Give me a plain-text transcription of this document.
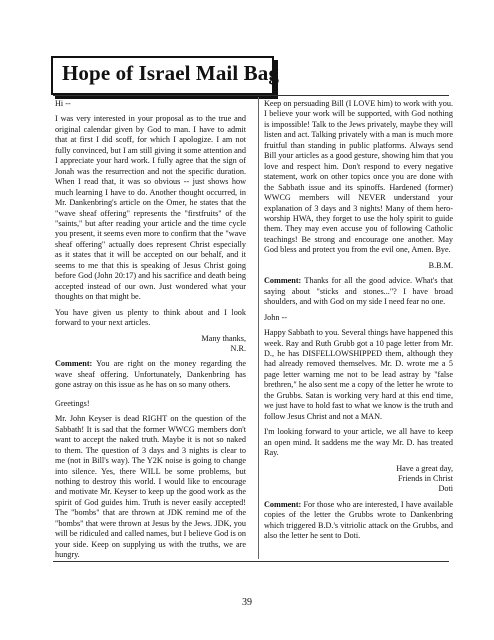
Hope of Israel Mail Bag

Hi --

I was very interested in your proposal as to the true and original calendar given by God to man. I have to admit that at first I did scoff, for which I apologize. I am not fully convinced, but I am still giving it some attention and I appreciate your hard work. I fully agree that the sign of Jonah was the resurrection and not the specific duration. When I read that, it was so obvious -- just shows how much learning I have to do. Another thought occurred, in Mr. Dankenbring's article on the Omer, he states that the "wave sheaf offering" represents the "firstfruits" of the "saints," but after reading your article and the time cycle you present, it seems even more to confirm that the "wave sheaf offering" actually does represent Christ especially as it states that it will be accepted on our behalf, and it seems to me that this is speaking of Jesus Christ going before God (John 20:17) and his sacrifice and death being accepted instead of our own. Just wondered what your thoughts on that might be.

You have given us plenty to think about and I look forward to your next articles.

Many thanks,
N.R.

Comment: You are right on the money regarding the wave sheaf offering. Unfortunately, Dankenbring has gone astray on this issue as he has on so many others.

Greetings!

Mr. John Keyser is dead RIGHT on the question of the Sabbath! It is sad that the former WWCG members don't want to accept the naked truth. Maybe it is not so naked to them. The question of 3 days and 3 nights is clear to me (not in Bill's way). The Y2K noise is going to change into silence. Yes, there WILL be some problems, but nothing to destroy this world. I would like to encourage and motivate Mr. Keyser to keep up the good work as the spirit of God guides him. Truth is never easily accepted! The "bombs" that are thrown at JDK remind me of the "bombs" that were thrown at Jesus by the Jews. JDK, you will be ridiculed and called names, but I believe God is on your side. Keep on supplying us with the truths, we are hungry.

Keep on persuading Bill (I LOVE him) to work with you. I believe your work will be supported, with God nothing is impossible! Talk to the Jews privately, maybe they will listen and act. Talking privately with a man is much more fruitful than standing in public platforms. Always send Bill your articles as a good gesture, showing him that you love and respect him. Don't respond to every negative statement, work on other topics once you are done with the Sabbath issue and its spinoffs. Hardened (former) WWCG members will NEVER understand your explanation of 3 days and 3 nights! Many of them hero-worship HWA, they forget to use the holy spirit to guide them. They may even accuse you of following Catholic teachings! Be strong and encourage one another. May God bless and protect you from the evil one, Amen. Bye.

B.B.M.

Comment: Thanks for all the good advice. What's that saying about "sticks and stones..."? I have broad shoulders, and with God on my side I need fear no one.

John --

Happy Sabbath to you. Several things have happened this week. Ray and Ruth Grubb got a 10 page letter from Mr. D., he has DISFELLOWSHIPPED them, although they had already removed themselves. Mr. D. wrote me a 5 page letter warning me not to be lead astray by "false brethren," he also sent me a copy of the letter he wrote to the Grubbs. Satan is working very hard at this end time, we just have to hold fast to what we know is the truth and follow Jesus Christ and not a MAN.

I'm looking forward to your article, we all have to keep an open mind. It saddens me the way Mr. D. has treated Ray.

Have a great day,
Friends in Christ
Doti

Comment: For those who are interested, I have available copies of the letter the Grubbs wrote to Dankenbring which triggered B.D.'s vitriolic attack on the Grubbs, and also the letter he sent to Doti.

39
